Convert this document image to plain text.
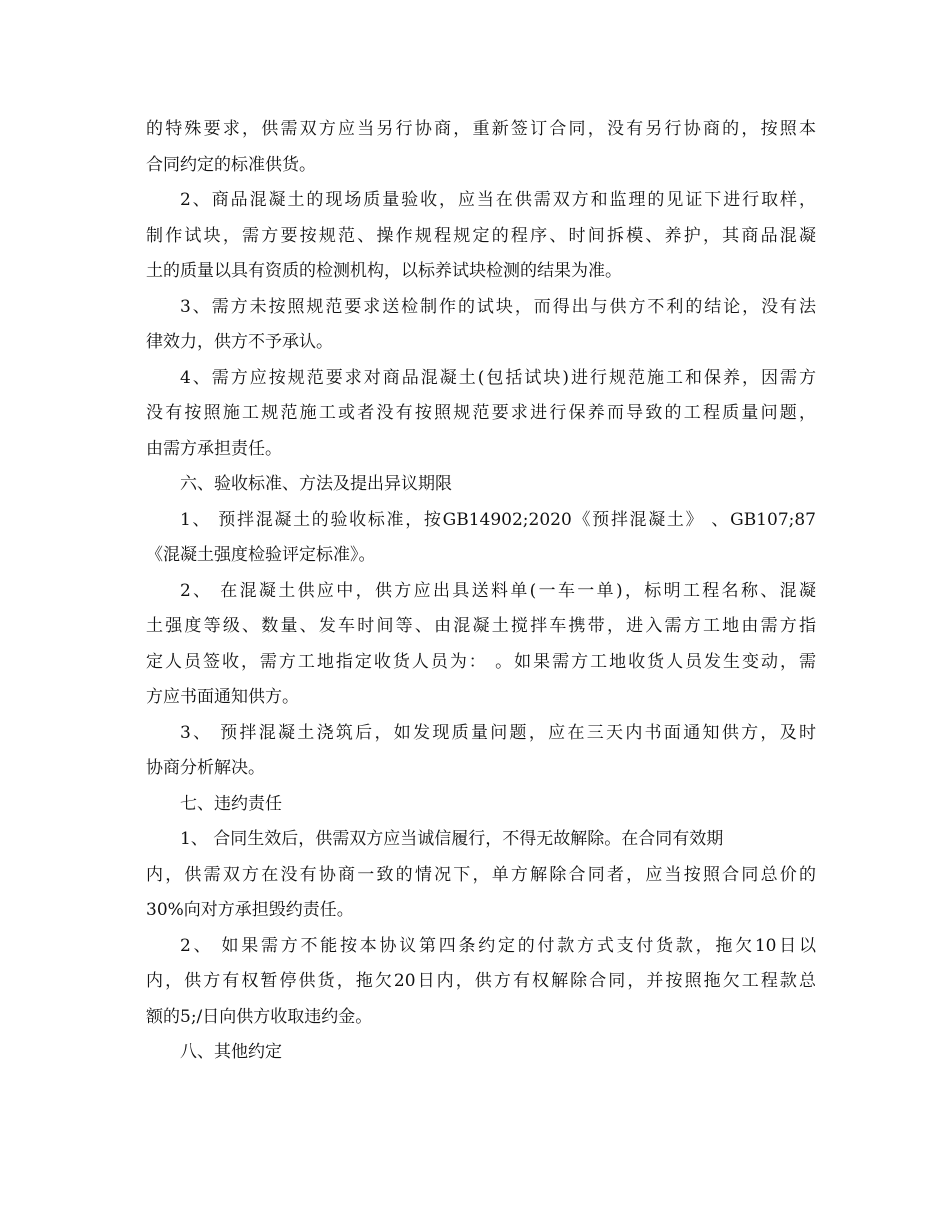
的特殊要求，供需双方应当另行协商，重新签订合同，没有另行协商的，按照本

合同约定的标准供货。

2、商品混凝土的现场质量验收，应当在供需双方和监理的见证下进行取样，

制作试块，需方要按规范、操作规程规定的程序、时间拆模、养护，其商品混凝

土的质量以具有资质的检测机构，以标养试块检测的结果为准。

3、需方未按照规范要求送检制作的试块，而得出与供方不利的结论，没有法

律效力，供方不予承认。

4、需方应按规范要求对商品混凝土(包括试块)进行规范施工和保养，因需方

没有按照施工规范施工或者没有按照规范要求进行保养而导致的工程质量问题，

由需方承担责任。

六、验收标准、方法及提出异议期限

1、 预拌混凝土的验收标准，按GB14902;2020《预拌混凝土》 、GB107;87

《混凝土强度检验评定标准》。

2、 在混凝土供应中，供方应出具送料单(一车一单)，标明工程名称、混凝

土强度等级、数量、发车时间等、由混凝土搅拌车携带，进入需方工地由需方指

定人员签收，需方工地指定收货人员为： 。如果需方工地收货人员发生变动，需

方应书面通知供方。

3、 预拌混凝土浇筑后，如发现质量问题，应在三天内书面通知供方，及时

协商分析解决。

七、违约责任

1、 合同生效后，供需双方应当诚信履行，不得无故解除。在合同有效期

内，供需双方在没有协商一致的情况下，单方解除合同者，应当按照合同总价的

30%向对方承担毁约责任。

2、 如果需方不能按本协议第四条约定的付款方式支付货款，拖欠10日以

内，供方有权暂停供货，拖欠20日内，供方有权解除合同，并按照拖欠工程款总

额的5;/日向供方收取违约金。

八、其他约定
